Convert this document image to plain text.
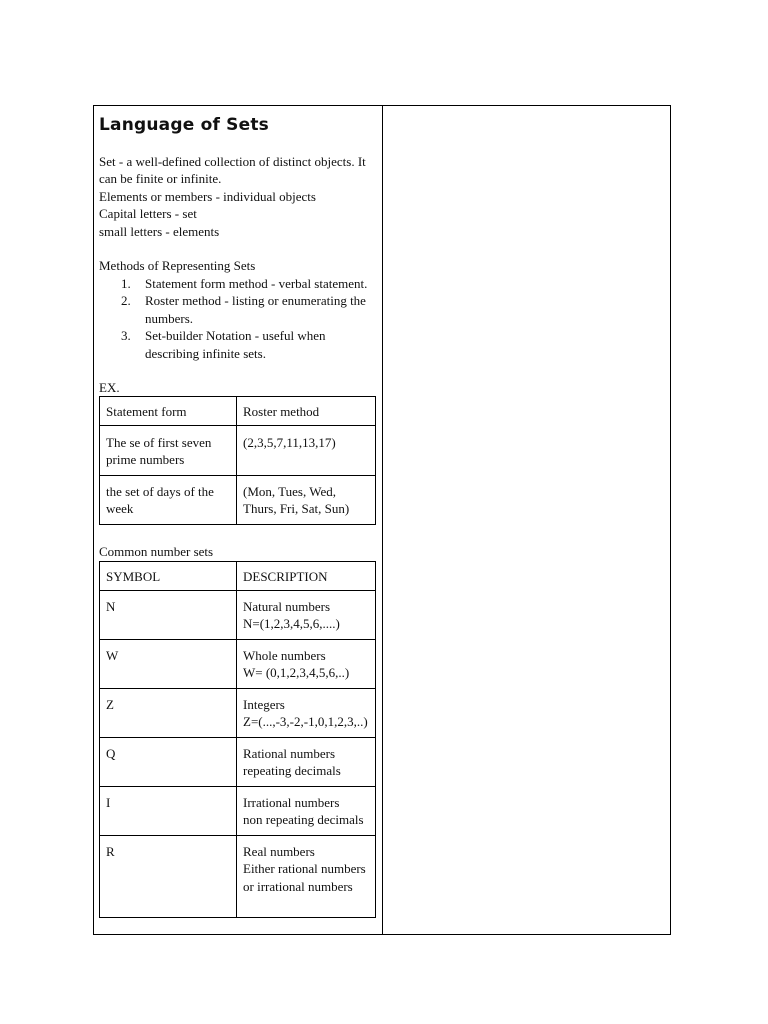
Language of Sets

Set - a well-defined collection of distinct objects. It can be finite or infinite.

Elements or members - individual objects

Capital letters - set

small letters - elements

Methods of Representing Sets

1. Statement form method - verbal statement.
2. Roster method - listing or enumerating the numbers.
3. Set-builder Notation - useful when describing infinite sets.

EX.

Statement form	Roster method
The se of first seven prime numbers	(2,3,5,7,11,13,17)
the set of days of the week	(Mon, Tues, Wed, Thurs, Fri, Sat, Sun)

Common number sets

SYMBOL	DESCRIPTION
N	Natural numbers
N=(1,2,3,4,5,6,....)

W	Whole numbers
W= (0,1,2,3,4,5,6,..)

Z	Integers
Z=(...,-3,-2,-1,0,1,2,3,..)

Q	Rational numbers
repeating decimals

I	Irrational numbers
non repeating decimals

R	Real numbers
Either rational numbers or irrational numbers
